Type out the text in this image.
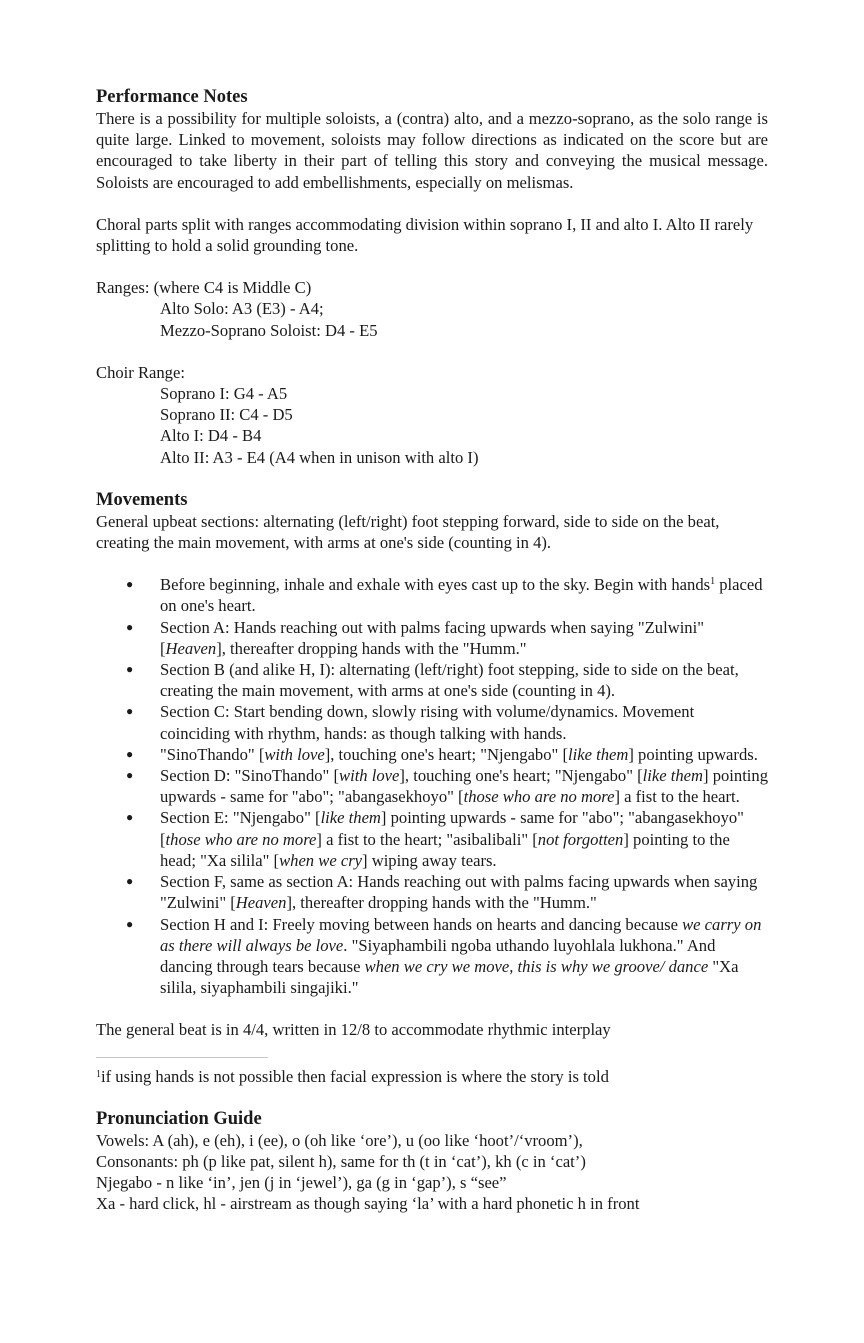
Performance Notes

There is a possibility for multiple soloists, a (contra) alto, and a mezzo-soprano, as the solo range is quite large. Linked to movement, soloists may follow directions as indicated on the score but are encouraged to take liberty in their part of telling this story and conveying the musical message. Soloists are encouraged to add embellishments, especially on melismas.

Choral parts split with ranges accommodating division within soprano I, II and alto I. Alto II rarely splitting to hold a solid grounding tone.

Ranges: (where C4 is Middle C)

Alto Solo: A3 (E3) - A4;

Mezzo-Soprano Soloist: D4 - E5

Choir Range:

Soprano I: G4 - A5

Soprano II: C4 - D5

Alto I: D4 - B4

Alto II: A3 - E4 (A4 when in unison with alto I)

Movements

General upbeat sections: alternating (left/right) foot stepping forward, side to side on the beat, creating the main movement, with arms at one's side (counting in 4).

● Before beginning, inhale and exhale with eyes cast up to the sky. Begin with hands$^1$ placed on one's heart.
● Section A: Hands reaching out with palms facing upwards when saying "Zulwini" [Heaven], thereafter dropping hands with the "Humm."
● Section B (and alike H, I): alternating (left/right) foot stepping, side to side on the beat, creating the main movement, with arms at one's side (counting in 4).
● Section C: Start bending down, slowly rising with volume/dynamics. Movement coinciding with rhythm, hands: as though talking with hands.
● "SinoThando" [with love], touching one's heart; "Njengabo" [like them] pointing upwards.
● Section D: "SinoThando" [with love], touching one's heart; "Njengabo" [like them] pointing upwards - same for "abo"; "abangasekhoyo" [those who are no more] a fist to the heart.
● Section E: "Njengabo" [like them] pointing upwards - same for "abo"; "abangasekhoyo" [those who are no more] a fist to the heart; "asibalibali" [not forgotten] pointing to the head; "Xa silila" [when we cry] wiping away tears.
● Section F, same as section A: Hands reaching out with palms facing upwards when saying "Zulwini" [Heaven], thereafter dropping hands with the "Humm."
● Section H and I: Freely moving between hands on hearts and dancing because we carry on as there will always be love. "Siyaphambili ngoba uthando luyohlala lukhona." And dancing through tears because when we cry we move, this is why we groove/ dance "Xa silila, siyaphambili singajiki."

The general beat is in 4/4, written in 12/8 to accommodate rhythmic interplay

$^1$if using hands is not possible then facial expression is where the story is told

Pronunciation Guide

Vowels: A (ah), e (eh), i (ee), o (oh like ‘ore’), u (oo like ‘hoot’/‘vroom’),

Consonants: ph (p like pat, silent h), same for th (t in ‘cat’), kh (c in ‘cat’)

Njegabo - n like ‘in’, jen (j in ‘jewel’), ga (g in ‘gap’), s “see”

Xa - hard click, hl - airstream as though saying ‘la’ with a hard phonetic h in front
